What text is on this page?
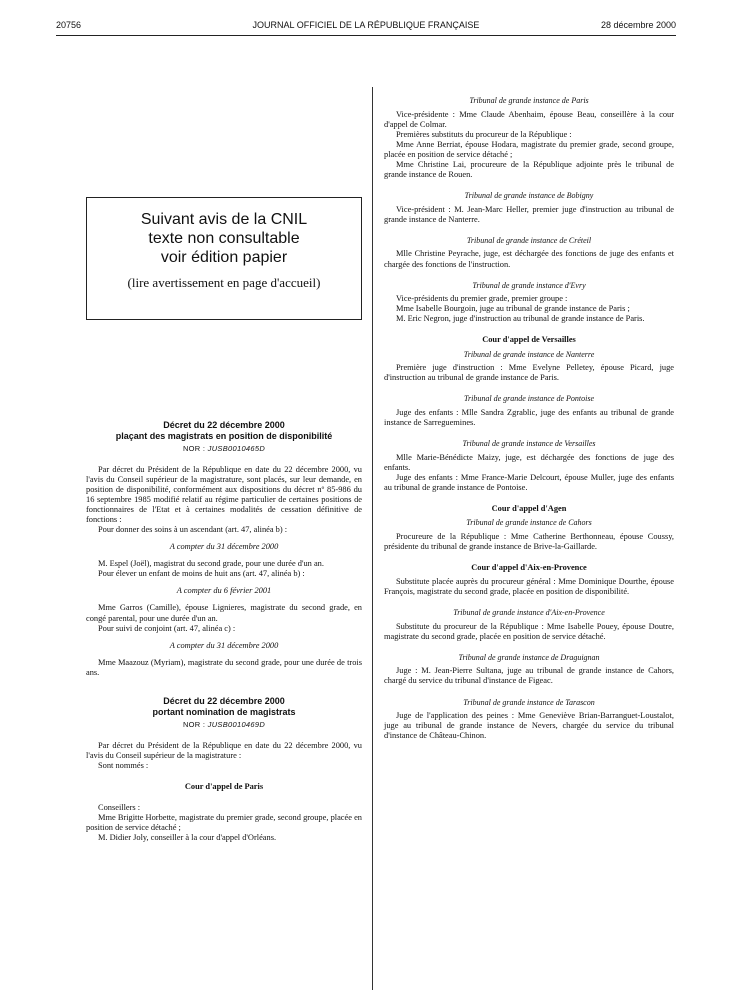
20756	JOURNAL OFFICIEL DE LA RÉPUBLIQUE FRANÇAISE	28 décembre 2000
Suivant avis de la CNIL
texte non consultable
voir édition papier
(lire avertissement en page d'accueil)
Décret du 22 décembre 2000
plaçant des magistrats en position de disponibilité
NOR : JUSB0010465D

Par décret du Président de la République en date du 22 décembre 2000, vu l'avis du Conseil supérieur de la magistrature, sont placés, sur leur demande, en position de disponibilité, conformément aux dispositions du décret nº 85-986 du 16 septembre 1985 modifié relatif au régime particulier de certaines positions de fonctionnaires de l'Etat et à certaines modalités de cessation définitive de fonctions :

Pour donner des soins à un ascendant (art. 47, alinéa b) :

A compter du 31 décembre 2000

M. Espel (Joël), magistrat du second grade, pour une durée d'un an.

Pour élever un enfant de moins de huit ans (art. 47, alinéa b) :

A compter du 6 février 2001

Mme Garros (Camille), épouse Lignieres, magistrate du second grade, en congé parental, pour une durée d'un an.

Pour suivi de conjoint (art. 47, alinéa c) :

A compter du 31 décembre 2000

Mme Maazouz (Myriam), magistrate du second grade, pour une durée de trois ans.

Décret du 22 décembre 2000
portant nomination de magistrats
NOR : JUSB0010469D

Par décret du Président de la République en date du 22 décembre 2000, vu l'avis du Conseil supérieur de la magistrature :

Sont nommés :

Cour d'appel de Paris

Conseillers :

Mme Brigitte Horbette, magistrate du premier grade, second groupe, placée en position de service détaché ;

M. Didier Joly, conseiller à la cour d'appel d'Orléans.

Tribunal de grande instance de Paris

Vice-présidente : Mme Claude Abenhaim, épouse Beau, conseillère à la cour d'appel de Colmar.

Premières substituts du procureur de la République :

Mme Anne Berriat, épouse Hodara, magistrate du premier grade, second groupe, placée en position de service détaché ;

Mme Christine Lai, procureure de la République adjointe près le tribunal de grande instance de Rouen.

Tribunal de grande instance de Bobigny

Vice-président : M. Jean-Marc Heller, premier juge d'instruction au tribunal de grande instance de Nanterre.

Tribunal de grande instance de Créteil

Mlle Christine Peyrache, juge, est déchargée des fonctions de juge des enfants et chargée des fonctions de l'instruction.

Tribunal de grande instance d'Evry

Vice-présidents du premier grade, premier groupe :

Mme Isabelle Bourgoin, juge au tribunal de grande instance de Paris ;

M. Eric Negron, juge d'instruction au tribunal de grande instance de Paris.

Cour d'appel de Versailles
Tribunal de grande instance de Nanterre

Première juge d'instruction : Mme Evelyne Pelletey, épouse Picard, juge d'instruction au tribunal de grande instance de Paris.

Tribunal de grande instance de Pontoise

Juge des enfants : Mlle Sandra Zgrablic, juge des enfants au tribunal de grande instance de Sarreguemines.

Tribunal de grande instance de Versailles

Mlle Marie-Bénédicte Maizy, juge, est déchargée des fonctions de juge des enfants.

Juge des enfants : Mme France-Marie Delcourt, épouse Muller, juge des enfants au tribunal de grande instance de Pontoise.

Cour d'appel d'Agen
Tribunal de grande instance de Cahors

Procureure de la République : Mme Catherine Berthonneau, épouse Coussy, présidente du tribunal de grande instance de Brive-la-Gaillarde.

Cour d'appel d'Aix-en-Provence

Substitute placée auprès du procureur général : Mme Dominique Dourthe, épouse François, magistrate du second grade, placée en position de disponibilité.

Tribunal de grande instance d'Aix-en-Provence

Substitute du procureur de la République : Mme Isabelle Pouey, épouse Doutre, magistrate du second grade, placée en position de service détaché.

Tribunal de grande instance de Draguignan

Juge : M. Jean-Pierre Sultana, juge au tribunal de grande instance de Cahors, chargé du service du tribunal d'instance de Figeac.

Tribunal de grande instance de Tarascon

Juge de l'application des peines : Mme Geneviève Brian-Barranguet-Loustalot, juge au tribunal de grande instance de Nevers, chargée du service du tribunal d'instance de Château-Chinon.
